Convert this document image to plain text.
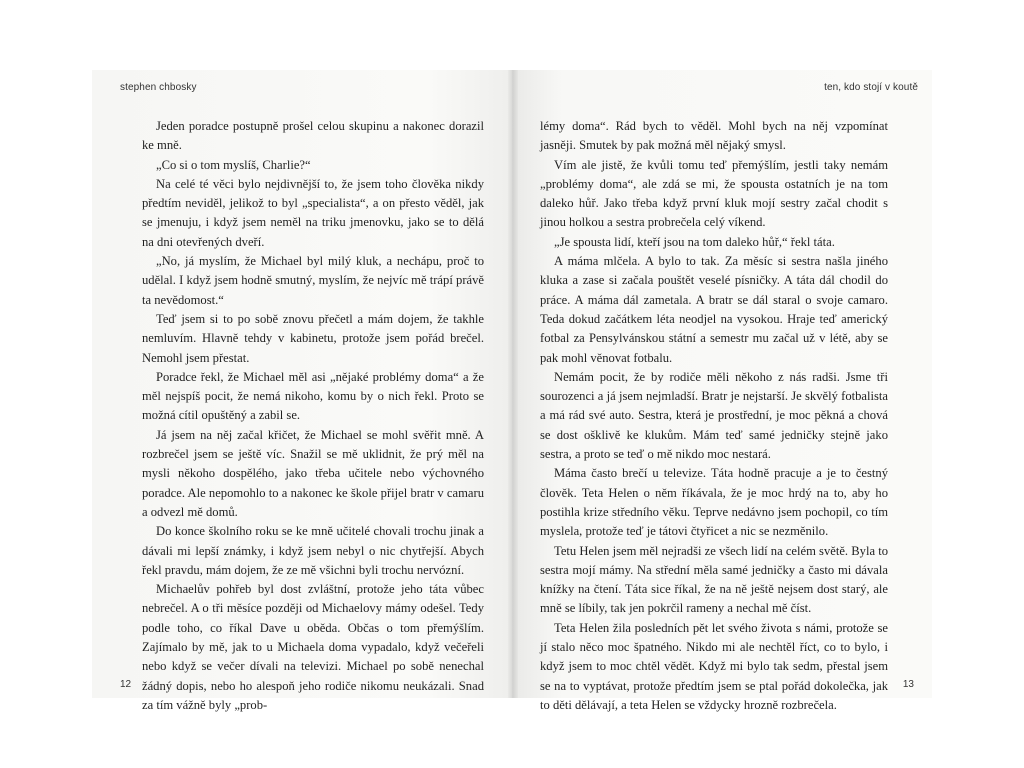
stephen chbosky

Jeden poradce postupně prošel celou skupinu a nakonec dorazil ke mně.

„Co si o tom myslíš, Charlie?“

Na celé té věci bylo nejdivnější to, že jsem toho člověka nikdy předtím neviděl, jelikož to byl „specialista“, a on přesto věděl, jak se jmenuju, i když jsem neměl na triku jmenovku, jako se to dělá na dni otevřených dveří.

„No, já myslím, že Michael byl milý kluk, a nechápu, proč to udělal. I když jsem hodně smutný, myslím, že nejvíc mě trápí právě ta nevědomost.“

Teď jsem si to po sobě znovu přečetl a mám dojem, že takhle nemluvím. Hlavně tehdy v kabinetu, protože jsem pořád brečel. Nemohl jsem přestat.

Poradce řekl, že Michael měl asi „nějaké problémy doma“ a že měl nejspíš pocit, že nemá nikoho, komu by o nich řekl. Proto se možná cítil opuštěný a zabil se.

Já jsem na něj začal křičet, že Michael se mohl svěřit mně. A rozbrečel jsem se ještě víc. Snažil se mě uklidnit, že prý měl na mysli někoho dospělého, jako třeba učitele nebo výchovného poradce. Ale nepomohlo to a nakonec ke škole přijel bratr v camaru a odvezl mě domů.

Do konce školního roku se ke mně učitelé chovali trochu jinak a dávali mi lepší známky, i když jsem nebyl o nic chytřejší. Abych řekl pravdu, mám dojem, že ze mě všichni byli trochu nervózní.

Michaelův pohřeb byl dost zvláštní, protože jeho táta vůbec nebrečel. A o tři měsíce později od Michaelovy mámy odešel. Tedy podle toho, co říkal Dave u oběda. Občas o tom přemýšlím. Zajímalo by mě, jak to u Michaela doma vypadalo, když večeřeli nebo když se večer dívali na televizi. Michael po sobě nenechal žádný dopis, nebo ho alespoň jeho rodiče nikomu neukázali. Snad za tím vážně byly „prob-

12
ten, kdo stojí v koutě

lémy doma“. Rád bych to věděl. Mohl bych na něj vzpomínat jasněji. Smutek by pak možná měl nějaký smysl.

Vím ale jistě, že kvůli tomu teď přemýšlím, jestli taky nemám „problémy doma“, ale zdá se mi, že spousta ostatních je na tom daleko hůř. Jako třeba když první kluk mojí sestry začal chodit s jinou holkou a sestra probrečela celý víkend.

„Je spousta lidí, kteří jsou na tom daleko hůř,“ řekl táta.

A máma mlčela. A bylo to tak. Za měsíc si sestra našla jiného kluka a zase si začala pouštět veselé písničky. A táta dál chodil do práce. A máma dál zametala. A bratr se dál staral o svoje camaro. Teda dokud začátkem léta neodjel na vysokou. Hraje teď americký fotbal za Pensylvánskou státní a semestr mu začal už v létě, aby se pak mohl věnovat fotbalu.

Nemám pocit, že by rodiče měli někoho z nás radši. Jsme tři sourozenci a já jsem nejmladší. Bratr je nejstarší. Je skvělý fotbalista a má rád své auto. Sestra, která je prostřední, je moc pěkná a chová se dost ošklivě ke klukům. Mám teď samé jedničky stejně jako sestra, a proto se teď o mě nikdo moc nestará.

Máma často brečí u televize. Táta hodně pracuje a je to čestný člověk. Teta Helen o něm říkávala, že je moc hrdý na to, aby ho postihla krize středního věku. Teprve nedávno jsem pochopil, co tím myslela, protože teď je tátovi čtyřicet a nic se nezměnilo.

Tetu Helen jsem měl nejradši ze všech lidí na celém světě. Byla to sestra mojí mámy. Na střední měla samé jedničky a často mi dávala knížky na čtení. Táta sice říkal, že na ně ještě nejsem dost starý, ale mně se líbily, tak jen pokrčil rameny a nechal mě číst.

Teta Helen žila posledních pět let svého života s námi, protože se jí stalo něco moc špatného. Nikdo mi ale nechtěl říct, co to bylo, i když jsem to moc chtěl vědět. Když mi bylo tak sedm, přestal jsem se na to vyptávat, protože předtím jsem se ptal pořád dokolečka, jak to děti dělávají, a teta Helen se vždycky hrozně rozbrečela.

13
